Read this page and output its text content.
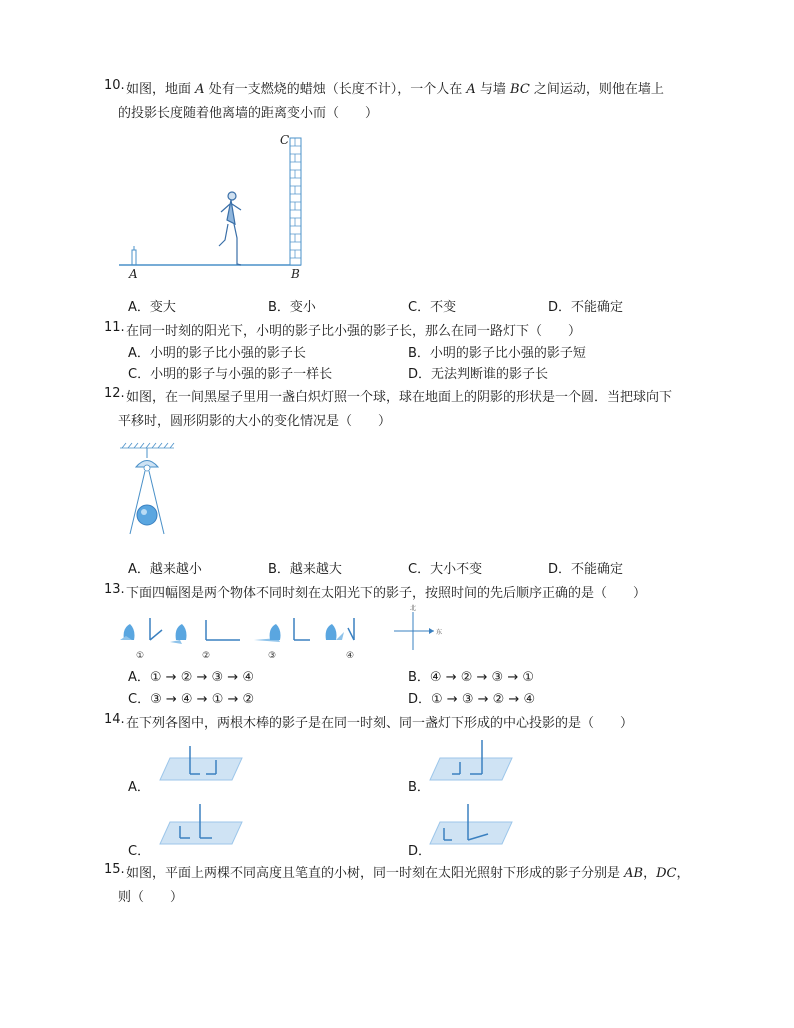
10. 如图，地面 A 处有一支燃烧的蜡烛（长度不计），一个人在 A 与墙 BC 之间运动，则他在墙上
的投影长度随着他离墙的距离变小而（　　）
A	B
C
A．变大	B．变小	C．不变	D．不能确定
11. 在同一时刻的阳光下，小明的影子比小强的影子长，那么在同一路灯下（　　）
A．小明的影子比小强的影子长	B．小明的影子比小强的影子短
C．小明的影子与小强的影子一样长	D．无法判断谁的影子长
12. 如图，在一间黑屋子里用一盏白炽灯照一个球，球在地面上的阴影的形状是一个圆．当把球向下
平移时，圆形阴影的大小的变化情况是（　　）
A．越来越小	B．越来越大	C．大小不变	D．不能确定
13. 下面四幅图是两个物体不同时刻在太阳光下的影子，按照时间的先后顺序正确的是（　　）
①	②	③	④
北
东
A．① → ② → ③ → ④	B．④ → ② → ③ → ①
C．③ → ④ → ① → ②	D．① → ③ → ② → ④
14. 在下列各图中，两根木棒的影子是在同一时刻、同一盏灯下形成的中心投影的是（　　）
A．	B．
C．	D．
15. 如图，平面上两棵不同高度且笔直的小树，同一时刻在太阳光照射下形成的影子分别是 AB，DC，
则（　　）
